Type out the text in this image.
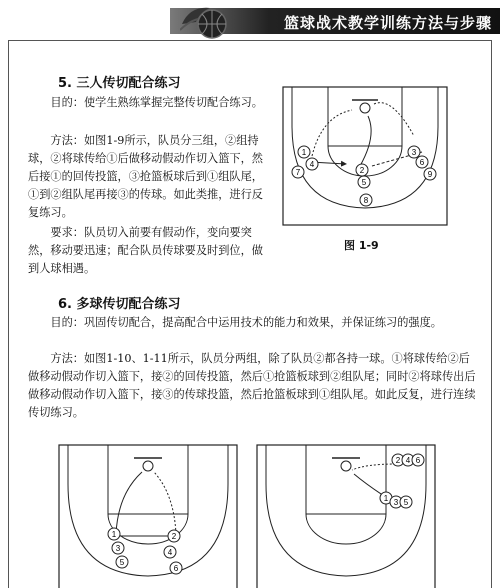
篮球战术教学训练方法与步骤
5. 三人传切配合练习
目的：使学生熟练掌握完整传切配合练习。
方法：如图1-9所示，队员分三组，②组持球，②将球传给①后做移动假动作切入篮下，然后接①的回传投篮，③抢篮板球后到①组队尾，①到②组队尾再接③的传球。如此类推，进行反复练习。
要求：队员切入前要有假动作，变向要突然，移动要迅速；配合队员传球要及时到位，做到人球相遇。
1
4
7	2
5
8
3
6
9
图 1-9
6. 多球传切配合练习
目的：巩固传切配合，提高配合中运用技术的能力和效果，并保证练习的强度。
方法：如图1-10、1-11所示，队员分两组，除了队员②都各持一球。①将球传给②后做移动假动作切入篮下，接②的回传投篮，然后①抢篮板球到②组队尾；同时②将球传出后做移动假动作切入篮下，接③的传球投篮，然后抢篮板球到①组队尾。如此反复，进行连续传切练习。
1
3
5
2
4
6
2 4 6
1 3 5
